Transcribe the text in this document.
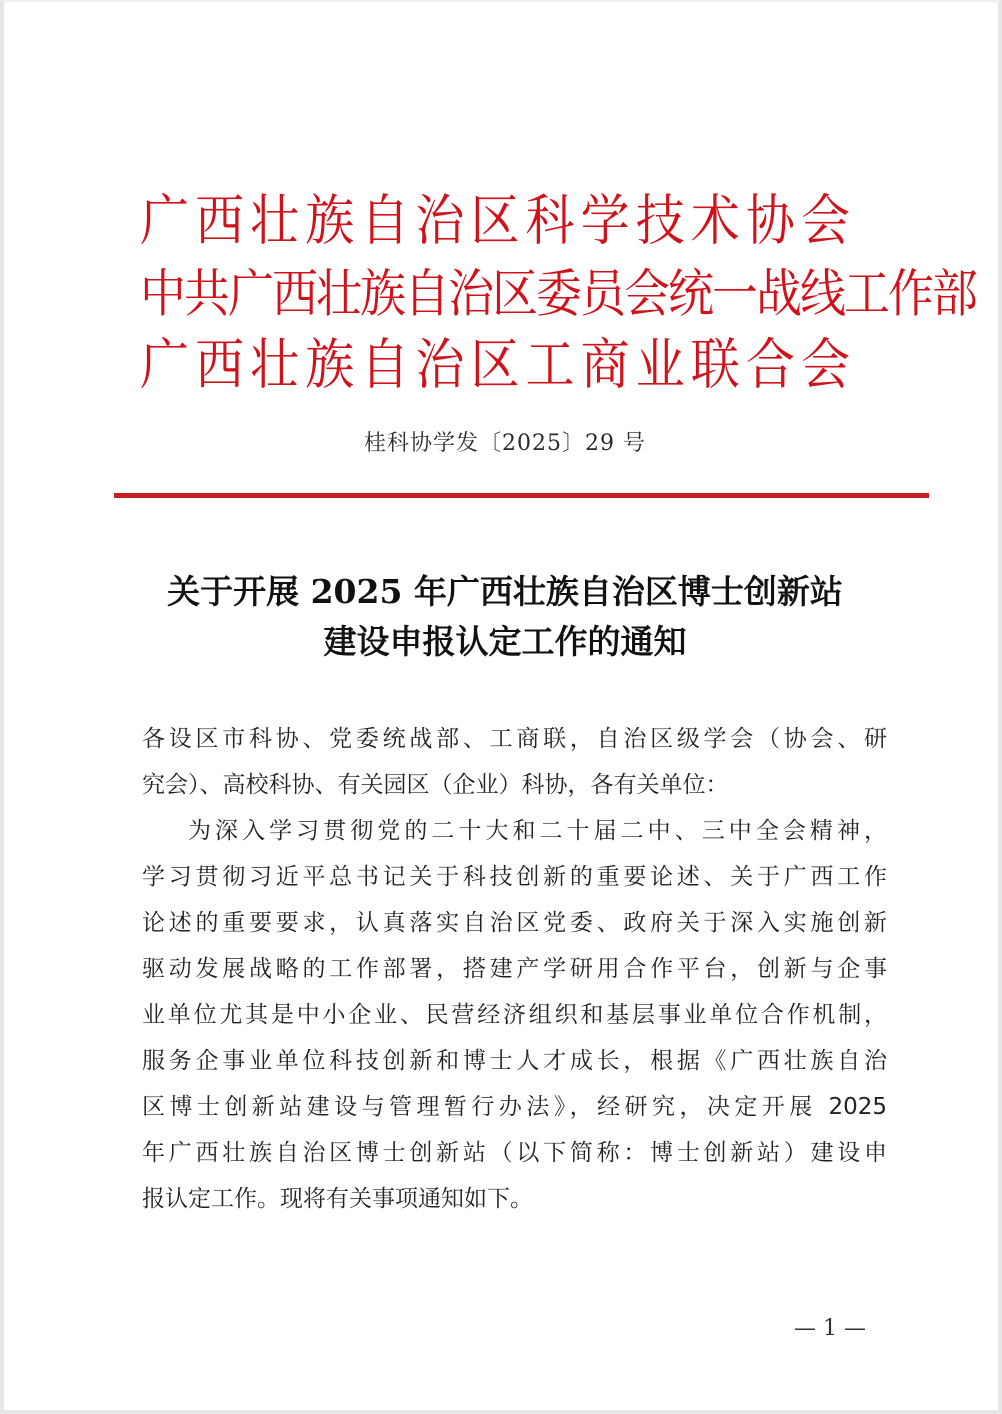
广 西 壮 族 自 治 区 科 学 技 术 协 会
中 共 广 西 壮 族 自 治 区 委 员 会 统 一 战 线 工 作 部
广 西 壮 族 自 治 区 工 商 业 联 合 会
桂科协学发〔2025〕29 号
关于开展 2025 年广西壮族自治区博士创新站
建设申报认定工作的通知
各设区市科协、党委统战部、工商联，自治区级学会（协会、研
究会）、高校科协、有关园区（企业）科协，各有关单位：
为深入学习贯彻党的二十大和二十届二中、三中全会精神，
学习贯彻习近平总书记关于科技创新的重要论述、关于广西工作
论述的重要要求，认真落实自治区党委、政府关于深入实施创新
驱动发展战略的工作部署，搭建产学研用合作平台，创新与企事
业单位尤其是中小企业、民营经济组织和基层事业单位合作机制，
服务企事业单位科技创新和博士人才成长，根据《广西壮族自治
区博士创新站建设与管理暂行办法》，经研究，决定开展 2025
年广西壮族自治区博士创新站（以下简称：博士创新站）建设申
报认定工作。现将有关事项通知如下。
— 1 —
